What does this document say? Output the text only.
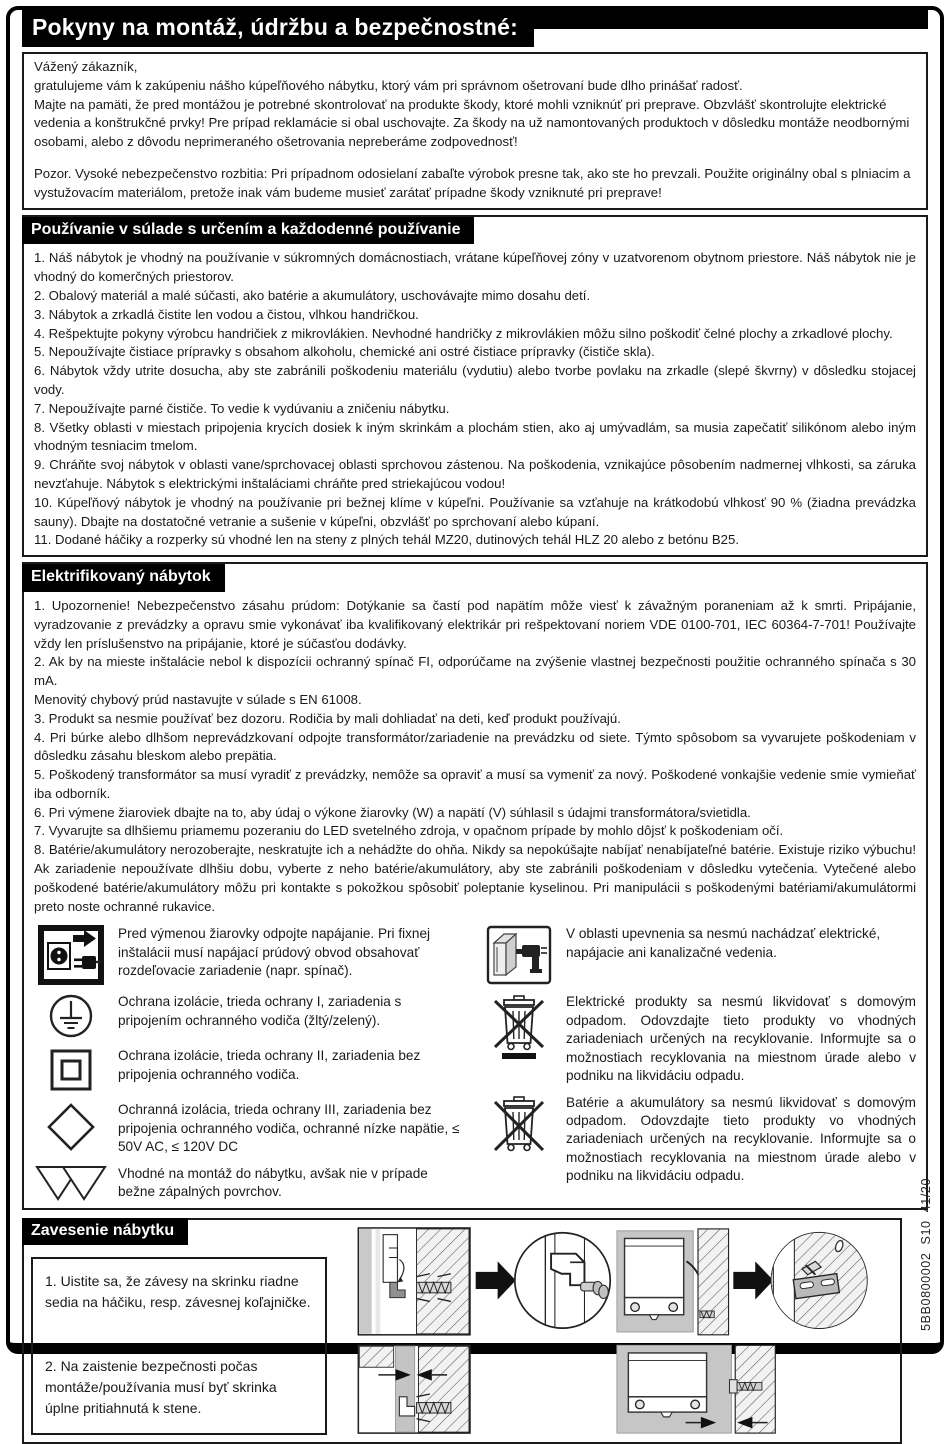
Pokyny na montáž, údržbu a bezpečnostné:

Vážený zákazník,

gratulujeme vám k zakúpeniu nášho kúpeľňového nábytku, ktorý vám pri správnom ošetrovaní bude dlho prinášať radosť.

Majte na pamäti, že pred montážou je potrebné skontrolovať na produkte škody, ktoré mohli vzniknúť pri preprave. Obzvlášť skontrolujte elektrické vedenia a konštrukčné prvky! Pre prípad reklamácie si obal uschovajte. Za škody na už namontovaných produktoch v dôsledku montáže neodbornými osobami, alebo z dôvodu neprimeraného ošetrovania nepreberáme zodpovednosť!

Pozor. Vysoké nebezpečenstvo rozbitia: Pri prípadnom odosielaní zabaľte výrobok presne tak, ako ste ho prevzali. Použite originálny obal s plniacim a vystužovacím materiálom, pretože inak vám budeme musieť zarátať prípadne škody vzniknuté pri preprave!

Používanie v súlade s určením a každodenné používanie

1. Náš nábytok je vhodný na používanie v súkromných domácnostiach, vrátane kúpeľňovej zóny v uzatvorenom obytnom priestore. Náš nábytok nie je vhodný do komerčných priestorov.

2. Obalový materiál a malé súčasti, ako batérie a akumulátory, uschovávajte mimo dosahu detí.

3. Nábytok a zrkadlá čistite len vodou a čistou, vlhkou handričkou.

4. Rešpektujte pokyny výrobcu handričiek z mikrovlákien. Nevhodné handričky z mikrovlákien môžu silno poškodiť čelné plochy a zrkadlové plochy.

5. Nepoužívajte čistiace prípravky s obsahom alkoholu, chemické ani ostré čistiace prípravky (čističe skla).

6. Nábytok vždy utrite dosucha, aby ste zabránili poškodeniu materiálu (vydutiu) alebo tvorbe povlaku na zrkadle (slepé škvrny) v dôsledku stojacej vody.

7. Nepoužívajte parné čističe. To vedie k vydúvaniu a zničeniu nábytku.

8. Všetky oblasti v miestach pripojenia krycích dosiek k iným skrinkám a plochám stien, ako aj umývadlám, sa musia zapečatiť silikónom alebo iným vhodným tesniacim tmelom.

9. Chráňte svoj nábytok v oblasti vane/sprchovacej oblasti sprchovou zástenou. Na poškodenia, vznikajúce pôsobením nadmernej vlhkosti, sa záruka nevzťahuje. Nábytok s elektrickými inštaláciami chráňte pred striekajúcou vodou!

10. Kúpeľňový nábytok je vhodný na používanie pri bežnej klíme v kúpeľni. Používanie sa vzťahuje na krátkodobú vlhkosť 90 % (žiadna prevádzka sauny). Dbajte na dostatočné vetranie a sušenie v kúpeľni, obzvlášť po sprchovaní alebo kúpaní.

11. Dodané háčiky a rozperky sú vhodné len na steny z plných tehál MZ20, dutinových tehál HLZ 20 alebo z betónu B25.

Elektrifikovaný nábytok

1. Upozornenie! Nebezpečenstvo zásahu prúdom: Dotýkanie sa častí pod napätím môže viesť k závažným poraneniam až k smrti. Pripájanie, vyradzovanie z prevádzky a opravu smie vykonávať iba kvalifikovaný elektrikár pri rešpektovaní noriem VDE 0100-701, IEC 60364-7-701! Používajte vždy len príslušenstvo na pripájanie, ktoré je súčasťou dodávky.

2. Ak by na mieste inštalácie nebol k dispozícii ochranný spínač FI, odporúčame na zvýšenie vlastnej bezpečnosti použitie ochranného spínača s 30 mA.

Menovitý chybový prúd nastavujte v súlade s EN 61008.

3. Produkt sa nesmie používať bez dozoru. Rodičia by mali dohliadať na deti, keď produkt používajú.

4. Pri búrke alebo dlhšom neprevádzkovaní odpojte transformátor/zariadenie na prevádzku od siete. Týmto spôsobom sa vyvarujete poškodeniam v dôsledku zásahu bleskom alebo prepätia.

5. Poškodený transformátor sa musí vyradiť z prevádzky, nemôže sa opraviť a musí sa vymeniť za nový. Poškodené vonkajšie vedenie smie vymieňať iba odborník.

6. Pri výmene žiaroviek dbajte na to, aby údaj o výkone žiarovky (W) a napätí (V) súhlasil s údajmi transformátora/svietidla.

7. Vyvarujte sa dlhšiemu priamemu pozeraniu do LED svetelného zdroja, v opačnom prípade by mohlo dôjsť k poškodeniam očí.

8. Batérie/akumulátory nerozoberajte, neskratujte ich a nehádžte do ohňa. Nikdy sa nepokúšajte nabíjať nenabíjateľné batérie. Existuje riziko výbuchu! Ak zariadenie nepoužívate dlhšiu dobu, vyberte z neho batérie/akumulátory, aby ste zabránili poškodeniam v dôsledku vytečenia. Vytečené alebo poškodené batérie/akumulátory môžu pri kontakte s pokožkou spôsobiť poleptanie kyselinou. Pri manipulácii s poškodenými batériami/akumulátormi preto noste ochranné rukavice.

Pred výmenou žiarovky odpojte napájanie. Pri fixnej inštalácii musí napájací prúdový obvod obsahovať rozdeľovacie zariadenie (napr. spínač).
Ochrana izolácie, trieda ochrany I, zariadenia s pripojením ochranného vodiča (žltý/zelený).
Ochrana izolácie, trieda ochrany II, zariadenia bez pripojenia ochranného vodiča.
Ochranná izolácia, trieda ochrany III, zariadenia bez pripojenia ochranného vodiča, ochranné nízke napätie, ≤ 50V AC, ≤ 120V DC
Vhodné na montáž do nábytku, avšak nie v prípade bežne zápalných povrchov.
V oblasti upevnenia sa nesmú nachádzať elektrické, napájacie ani kanalizačné vedenia.
Elektrické produkty sa nesmú likvidovať s domovým odpadom. Odovzdajte tieto produkty vo vhodných zariadeniach určených na recyklovanie. Informujte sa o možnostiach recyklovania na miestnom úrade alebo v podniku na likvidáciu odpadu.
Batérie a akumulátory sa nesmú likvidovať s domovým odpadom. Odovzdajte tieto produkty vo vhodných zariadeniach určených na recyklovanie. Informujte sa o možnostiach recyklovania na miestnom úrade alebo v podniku na likvidáciu odpadu.
Zavesenie nábytku

1. Uistite sa, že závesy na skrinku riadne sedia na háčiku, resp. závesnej koľajničke.

2. Na zaistenie bezpečnosti počas montáže/používania musí byť skrinka úplne pritiahnutá k stene.

5BB0800002  S10  41/20
